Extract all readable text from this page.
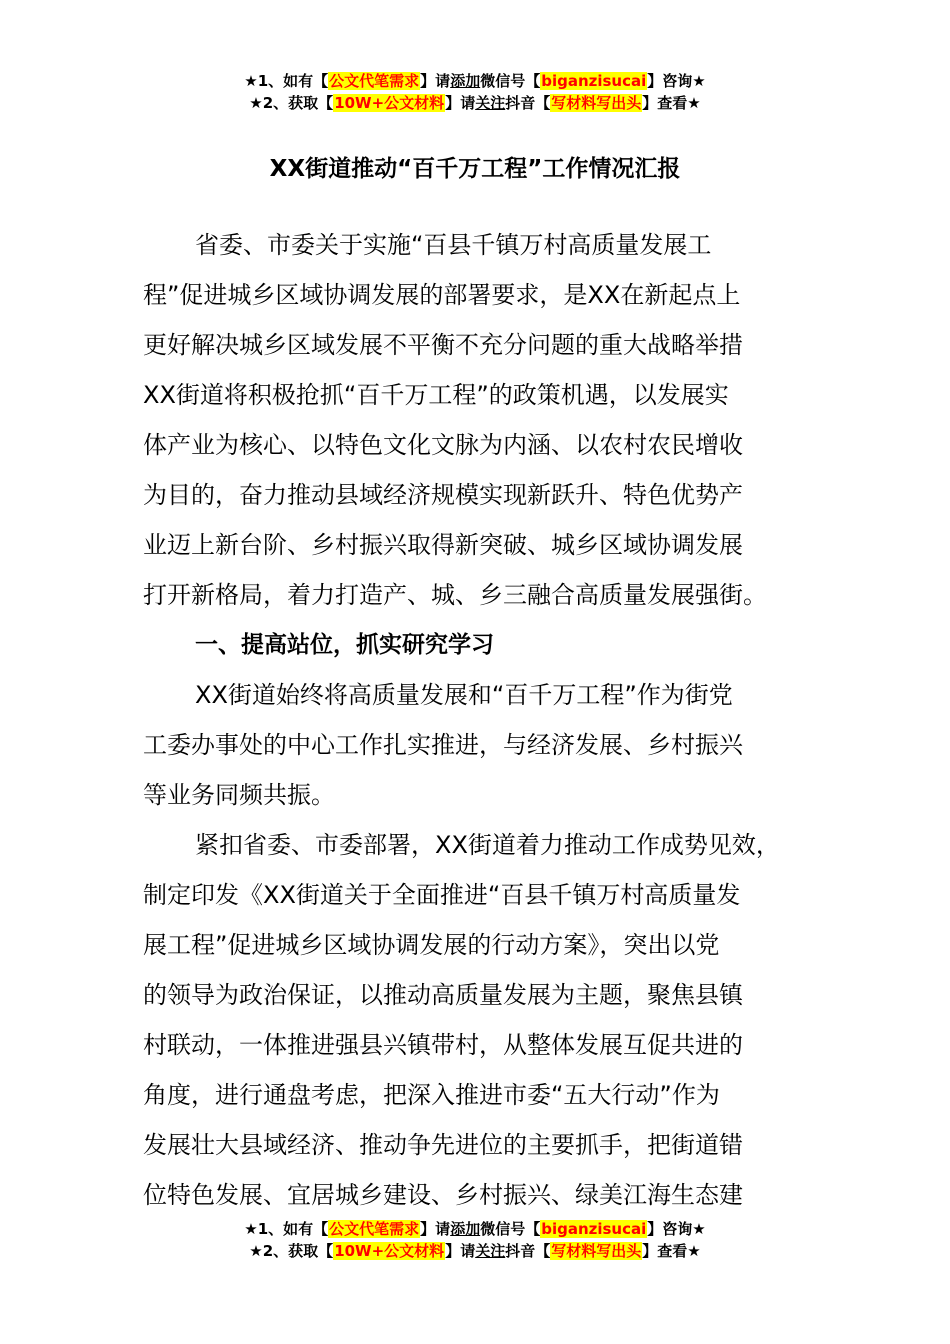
★1、如有【公文代笔需求】请添加微信号【biganzisucai】咨询★
★2、获取【10W+公文材料】请关注抖音【写材料写出头】查看★
XX街道推动“百千万工程”工作情况汇报
省委、市委关于实施“百县千镇万村高质量发展工
程”促进城乡区域协调发展的部署要求，是XX在新起点上
更好解决城乡区域发展不平衡不充分问题的重大战略举措
XX街道将积极抢抓“百千万工程”的政策机遇，以发展实
体产业为核心、以特色文化文脉为内涵、以农村农民增收
为目的，奋力推动县域经济规模实现新跃升、特色优势产
业迈上新台阶、乡村振兴取得新突破、城乡区域协调发展
打开新格局，着力打造产、城、乡三融合高质量发展强街。
一、提高站位，抓实研究学习
XX街道始终将高质量发展和“百千万工程”作为街党
工委办事处的中心工作扎实推进，与经济发展、乡村振兴
等业务同频共振。
紧扣省委、市委部署，XX街道着力推动工作成势见效，
制定印发《XX街道关于全面推进“百县千镇万村高质量发
展工程”促进城乡区域协调发展的行动方案》，突出以党
的领导为政治保证，以推动高质量发展为主题，聚焦县镇
村联动，一体推进强县兴镇带村，从整体发展互促共进的
角度，进行通盘考虑，把深入推进市委“五大行动”作为
发展壮大县域经济、推动争先进位的主要抓手，把街道错
位特色发展、宜居城乡建设、乡村振兴、绿美江海生态建
★1、如有【公文代笔需求】请添加微信号【biganzisucai】咨询★
★2、获取【10W+公文材料】请关注抖音【写材料写出头】查看★
